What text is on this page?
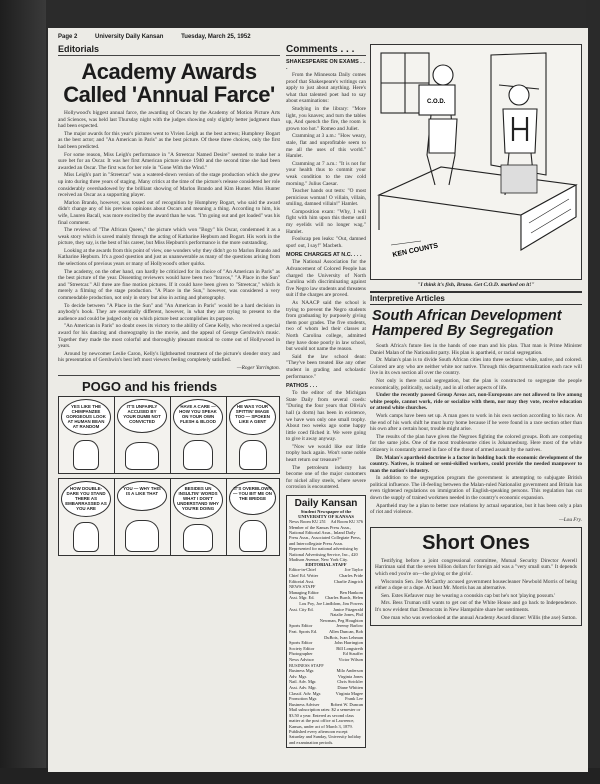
Page 2	University Daily Kansan	Tuesday, March 25, 1952
Editorials
Academy Awards Called 'Annual Farce'

Hollywood's biggest annual farce, the awarding of Oscars by the Academy of Motion Picture Arts and Sciences, was held last Thursday night with the judges showing only slightly better judgment than had been expected.

The major awards for this year's pictures went to Vivien Leigh as the best actress; Humphrey Bogart as the best actor; and "An American in Paris" as the best picture. Of these three choices, only the first had been predicted.

For some reason, Miss Leigh's performance in "A Streetcar Named Desire" seemed to make her a sure bet for an Oscar. It was her first American picture since 1940 and the second time she had been awarded an Oscar. The first was for her role in "Gone With the Wind."

Miss Leigh's part in "Streetcar" was a watered-down version of the stage production which she grew up into during three years of staging. Many critics at the time of the picture's release considered her role considerably overshadowed by the brilliant showing of Marlon Brando and Kim Hunter. Miss Hunter received an Oscar as a supporting player.

Marlon Brando, however, was tossed out of recognition by Humphrey Bogart, who said the award didn't change any of his previous opinions about Oscars and meaning a thing. According to him, his wife, Lauren Bacall, was more excited by the award than he was. "I'm going out and get loaded" was his final comment.

The reviews of "The African Queen," the picture which won "Bogy" his Oscar, condemned it as a weak story which is saved mainly through the acting of Katharine Hepburn and Bogart. His work in the picture, they say, is the best of his career, but Miss Hepburn's performance is the more outstanding.

Looking at the awards from this point of view, one wonders why they didn't go to Marlon Brando and Katharine Hepburn. It's a good question and just as unanswerable as many of the questions arising from the selections of previous years or many of Hollywood's other quirks.

The academy, on the other hand, can hardly be criticized for its choice of "An American in Paris" as the best picture of the year. Dissenting reviewers would have been two "bravos," "A Place in the Sun" and "Streetcar." All three are fine motion pictures. If it could have been given to "Streetcar," which is merely a filming of the stage production. "A Place in the Sun," however, was considered a very commendable production, not only in story but also in acting and photography.

To decide between "A Place in the Sun" and "An American in Paris" would be a hard decision in anybody's book. They are essentially different, however, in what they are trying to present to the audience and could be judged only on which picture best accomplishes its purpose.

"An American in Paris" no doubt owes its victory to the ability of Gene Kelly, who received a special award for his dancing and choreography in the movie, and the appeal of George Gershwin's music. Together they made the most colorful and thoroughly pleasant musical to come out of Hollywood in years.

Around by newcomer Leslie Caron, Kelly's lighthearted treatment of the picture's slender story and his presentation of Gershwin's best left most viewers feeling completely satisfied.

—Roger Yarrington.
POGO and his friends
YES LIKE THE CHIMPANZEE GORGEOUS LOOK AT HUMAN BEAN AT RANDOM
IT'S UNFAIRLY ACCUSED BY YOUR DUMB NOT CONVICTED
HAVE A CARE — HOW YOU SPEAK ON YOUR OWN FLESH & BLOOD
HE WAS YOUR SPITTIN' IMAGE TOO — SPOKEN LIKE A GENT
HOW DOUBLE-DARE YOU STAND THERE AS EMBARRASSED AS YOU ARE
YOU — WHY THIS IS A LIKE THAT
BESIDES UN INSULTIN' WORDS WHAT I DON'T UNDERSTAND WHY YOU'RE DOING
IT'S OVERBLOWN — YOU BIT ME ON THE BRIDGE
Comments . . .
SHAKESPEARE ON EXAMS . . .

From the Minnesota Daily comes proof that Shakespeare's writings can apply to just about anything. Here's what that talented poet had to say about examinations:

Studying in the library: "More light, you knaves; and turn the tables up, And quench the fire, the room is grown too hot." Romeo and Juliet.

Cramming at 3 a.m.: "How weary, stale, flat and unprofitable seem to me all the uses of this world." Hamlet.

Cramming at 7 a.m.: "It is not for your health thus to commit your weak condition to the raw cold morning." Julius Caesar.

Teacher hands out tests: "O most pernicious woman! O villain, villain, smiling, damned villain!" Hamlet.

Composition exam: "Why, I will fight with him upon this theme until my eyelids will no longer wag." Hamlet.

Foolscap pen leaks: "Out, damned spot! out, I say!" Macbeth.

MORE CHARGES AT N.C. . . .

The National Association for the Advancement of Colored People has charged the University of North Carolina with discriminating against five Negro law students and threatens suit if the charges are proved.

As NAACP said the school is trying to prevent the Negro students from graduating by purposely giving them poor grades. The five students, two of whom led their classes at North Carolina college, admitted they have done poorly in law school, but would not name the reason.

Said the law school dean: "They've been treated like any other student in grading and scholastic performance."

PATHOS . . .

To the editor of the Michigan State Daily from several coeds: "During the four years that Olivia's hall (a dorm) has been in existence, we have won only one small trophy. About two weeks ago some happy little coed filched it. We were going to give it away anyway.

"Now we would like our little trophy back again. Won't some noble heart return our treasure?"

The petroleum industry has become one of the major customers for nickel alloy steels, where severe corrosion is encountered.

Daily Kansan
Student Newspaper of the UNIVERSITY OF KANSAS
News Room KU 251 Ad Room KU 376
Member of the Kansas Press Assn., National Editorial Assn., Inland Daily Press Assn., Associated Collegiate Press, and Intercollegiate Press Assn. Represented for national advertising by National Advertising Service, Inc., 420 Madison Avenue, New York City.
EDITORIAL STAFF
Editor-in-Chief	Joe Taylor
Chief Ed. Writer	Charles Pride
Editorial Asst.	Charlie Zingrich
NEWS STAFF
Managing Editor	Ben Hankom
Asst. Mgr. Ed. Charles Burch, Helen
Lou Poy, Joe Lindblom, Jim Powers
Asst. City Ed.	Janice Fitzgerald
Natalie Jones, Phil
Newman, Peg Houghton
Sports Editor	Jeremy Barlow
Feat. Sports Ed.	Allen Duncan, Bob
DuBois, Ivan Lehman
Sports Editor	John Harrington
Society Editor	Bill Longstreth
Photographer	Ed Stauffer
News Advisor	Victor Wilson
BUSINESS STAFF
Business Mgr.	Milo Anderson
Adv. Mgr.	Virginia Jones
Natl. Adv. Mgr.	Chris Strickler
Asst. Adv. Mgr.	Diane Whitten
Classif. Adv. Mgr.	Virginia Magee
Promotion Mgr.	Frank Lee
Business Adviser	Robert W. Duncan
Mail subscription rates: $2 a semester or $3.50 a year. Entered as second class matter at the post office at Lawrence, Kansas, under act of March 3, 1879. Published every afternoon except Saturday and Sunday, University holiday and examination periods.
KEN COUNTS
C.O.D.
"I think it's fish, Bruno. Get C.O.D. marked on it!"
Interpretive Articles
South African Development Hampered By Segregation

South Africa's future lies in the hands of one man and his plan. That man is Prime Minister Daniel Malan of the Nationalist party. His plan is apartheid, or racial segregation.

Dr. Malan's plan is to divide South African cities into three sections: white, native, and colored. Colored are any who are neither white nor native. Through this departmentalization each race will live in its own section all over the country.

Not only is there racial segregation, but the plan is constructed to segregate the people economically, politically, socially, and in all other aspects of life.

Under the recently passed Group Areas act, non-Europeans are not allowed to live among white people, cannot work, ride or socialize with them, nor may they vote, receive education or attend white churches.

Work camps have been set up. A man goes to work in his own section according to his race. At the end of his work shift he must hurry home because if he were found in a race section other than his own after a certain hour, trouble might arise.

The results of the plan have given the Negroes fighting the colored groups. Both are competing for the same jobs. One of the most troublesome cities is Johannesburg. Here most of the white citizenry is constantly armed in face of the threat of armed assault by the natives.

Dr. Malan's apartheid doctrine is a factor in holding back the economic development of the country. Natives, is trained or semi-skilled workers, could provide the needed manpower to man the nation's industry.

In addition to the segregation program the government is attempting to subjugate British political influence. The ill-feeling between the Malan-ruled Nationalist government and Britain has even tightened regulations on immigration of English-speaking persons. This regulation has cut down the supply of trained workmen needed in the country's economic expansion.

Apartheid may be a plan to better race relations by actual separation, but it has been only a plan of riot and violence.

—Lou Fry.
Short Ones

Testifying before a joint congressional committee, Mutual Security Director Averell Harriman said that the seven billion dollars for foreign aid was a "very small sum." It depends which end you're on—the giving or the givin'.

Wisconsin Sen. Joe McCarthy accused government housecleaner Newbold Morris of being either a dope or a dupe. At least Mr. Morris has an alternative.

Sen. Estes Kefauver may be wearing a coonskin cap but he's not 'playing possum.'

Mrs. Bess Truman still wants to get out of the White House and go back to Independence. It's now evident that Democrats in New Hampshire share her sentiments.

One man who was overlooked at the annual Academy Award dinner: Willis (the axe) Sutton.
